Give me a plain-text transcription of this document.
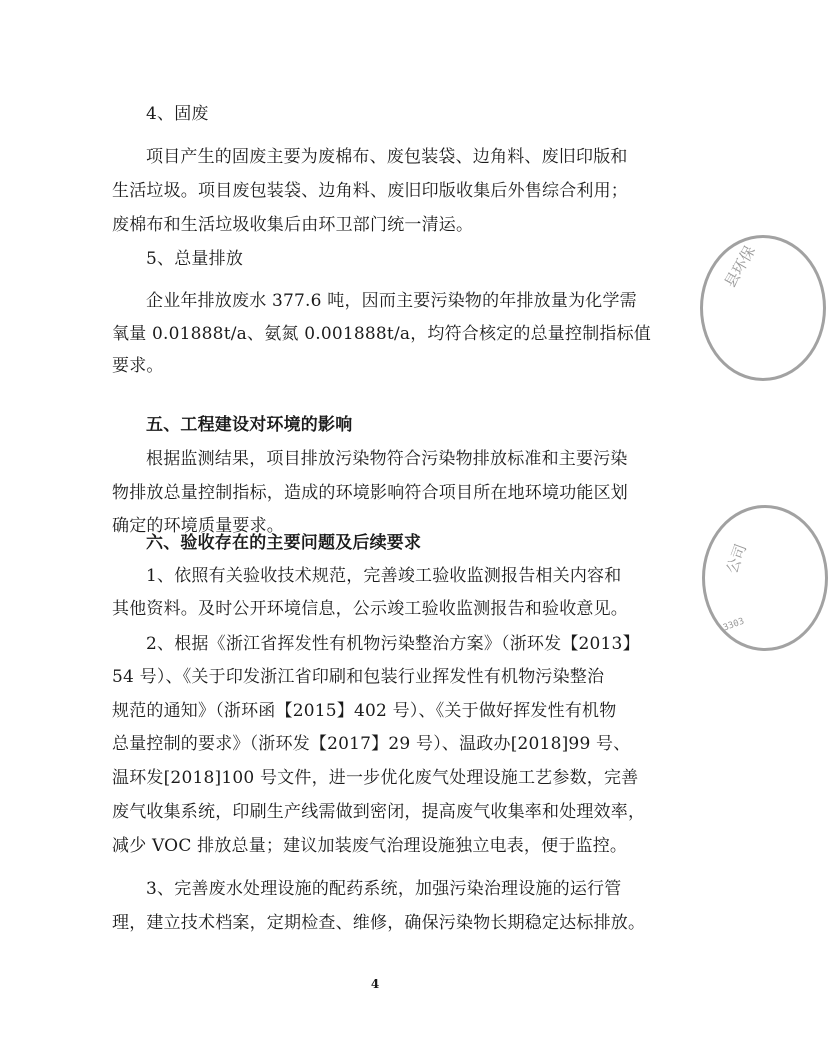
4、固废
项目产生的固废主要为废棉布、废包装袋、边角料、废旧印版和
生活垃圾。项目废包装袋、边角料、废旧印版收集后外售综合利用；
废棉布和生活垃圾收集后由环卫部门统一清运。
5、总量排放
企业年排放废水 377.6 吨，因而主要污染物的年排放量为化学需
氧量 0.01888t/a、氨氮 0.001888t/a，均符合核定的总量控制指标值
要求。
五、工程建设对环境的影响
根据监测结果，项目排放污染物符合污染物排放标准和主要污染
物排放总量控制指标，造成的环境影响符合项目所在地环境功能区划
确定的环境质量要求。
六、验收存在的主要问题及后续要求
1、依照有关验收技术规范，完善竣工验收监测报告相关内容和
其他资料。及时公开环境信息，公示竣工验收监测报告和验收意见。
2、根据《浙江省挥发性有机物污染整治方案》（浙环发【2013】
54 号）、《关于印发浙江省印刷和包装行业挥发性有机物污染整治
规范的通知》（浙环函【2015】402 号）、《关于做好挥发性有机物
总量控制的要求》（浙环发【2017】29 号）、温政办[2018]99 号、
温环发[2018]100 号文件，进一步优化废气处理设施工艺参数，完善
废气收集系统，印刷生产线需做到密闭，提高废气收集率和处理效率，
减少 VOC 排放总量；建议加装废气治理设施独立电表，便于监控。
3、完善废水处理设施的配药系统，加强污染治理设施的运行管
理，建立技术档案，定期检查、维修，确保污染物长期稳定达标排放。
4
县环保
公司
3303
